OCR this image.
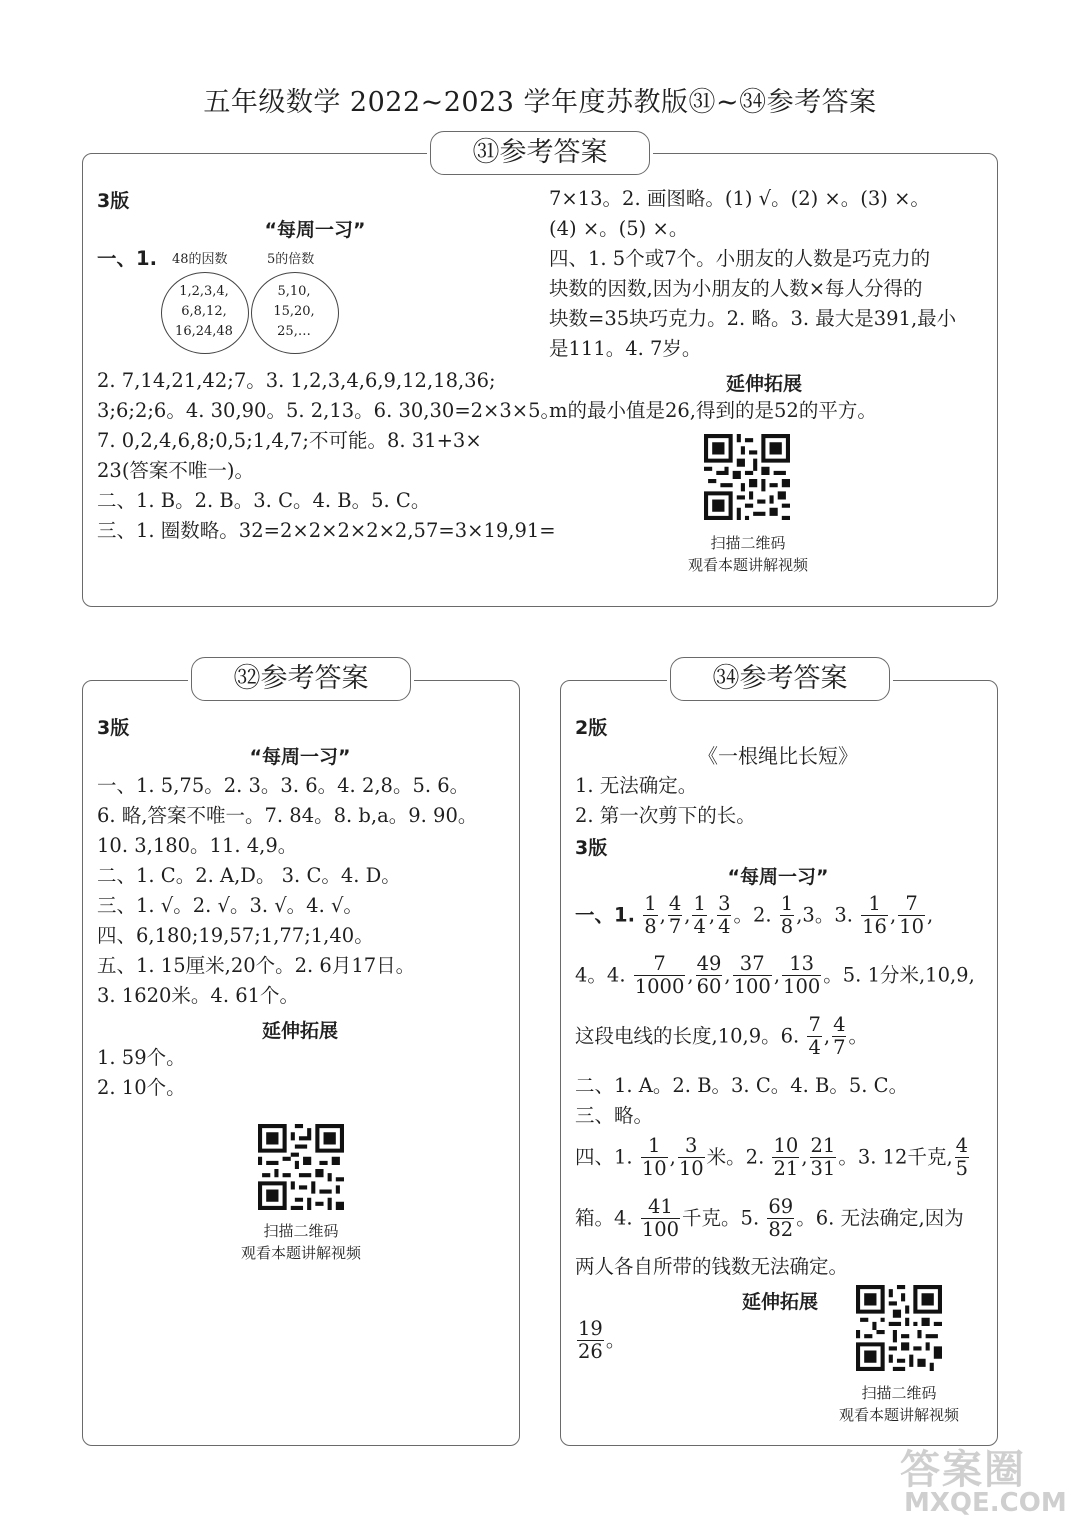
五年级数学 2022~2023 学年度苏教版㉛~㉞参考答案
㉛参考答案
3版
“每周一习”
一、1. 48的因数	5的倍数
1,2,3,4,
6,8,12,
16,24,48
5,10,
15,20,
25,…
2. 7,14,21,42;7。3. 1,2,3,4,6,9,12,18,36;
3;6;2;6。4. 30,90。5. 2,13。6. 30,30=2×3×5。
7. 0,2,4,6,8;0,5;1,4,7;不可能。8. 31+3×
23(答案不唯一)。
二、1. B。2. B。3. C。4. B。5. C。
三、1. 圈数略。32=2×2×2×2×2,57=3×19,91=
7×13。2. 画图略。(1) √。(2) ×。(3) ×。
(4) ×。(5) ×。
四、1. 5个或7个。小朋友的人数是巧克力的
块数的因数,因为小朋友的人数×每人分得的
块数=35块巧克力。2. 略。3. 最大是391,最小
是111。4. 7岁。
延伸拓展
m的最小值是26,得到的是52的平方。
扫描二维码
观看本题讲解视频
㉜参考答案
3版
“每周一习”
一、1. 5,75。2. 3。3. 6。4. 2,8。5. 6。
6. 略,答案不唯一。7. 84。8. b,a。9. 90。
10. 3,180。11. 4,9。
二、1. C。2. A,D。 3. C。4. D。
三、1. √。2. √。3. √。4. √。
四、6,180;19,57;1,77;1,40。
五、1. 15厘米,20个。2. 6月17日。
3. 1620米。4. 61个。
延伸拓展
1. 59个。
2. 10个。
扫描二维码
观看本题讲解视频
㉞参考答案
2版
《一根绳比长短》
1. 无法确定。
2. 第一次剪下的长。
3版
“每周一习”
一、1. $\frac{1}{8}$ , $\frac{4}{7}$ , $\frac{1}{4}$ , $\frac{3}{4}$ 。2. $\frac{1}{8} ,3$。3. $\frac{1}{16}$ , $\frac{7}{10}$ ,
4。4. $\frac{7}{1000}$ , $\frac{49}{60}$ , $\frac{37}{100}$ , $\frac{13}{100}$ 。5. 1分米,10,9,
这段电线的长度,10,9。6. $\frac{7}{4}$ , $\frac{4}{7}$ 。
二、1. A。2. B。3. C。4. B。5. C。
三、略。
四、1. $\frac{1}{10}$ , $\frac{3}{10}$ 米。2. $\frac{10}{21}$ , $\frac{21}{31}$ 。3. 12千克, $\frac{4}{5}$
箱。4. $\frac{41}{100}$ 千克。5. $\frac{69}{82}$ 。6. 无法确定,因为
两人各自所带的钱数无法确定。
延伸拓展
$\frac{19}{26}$ 。
扫描二维码
观看本题讲解视频
答案圈
MXQE.COM
